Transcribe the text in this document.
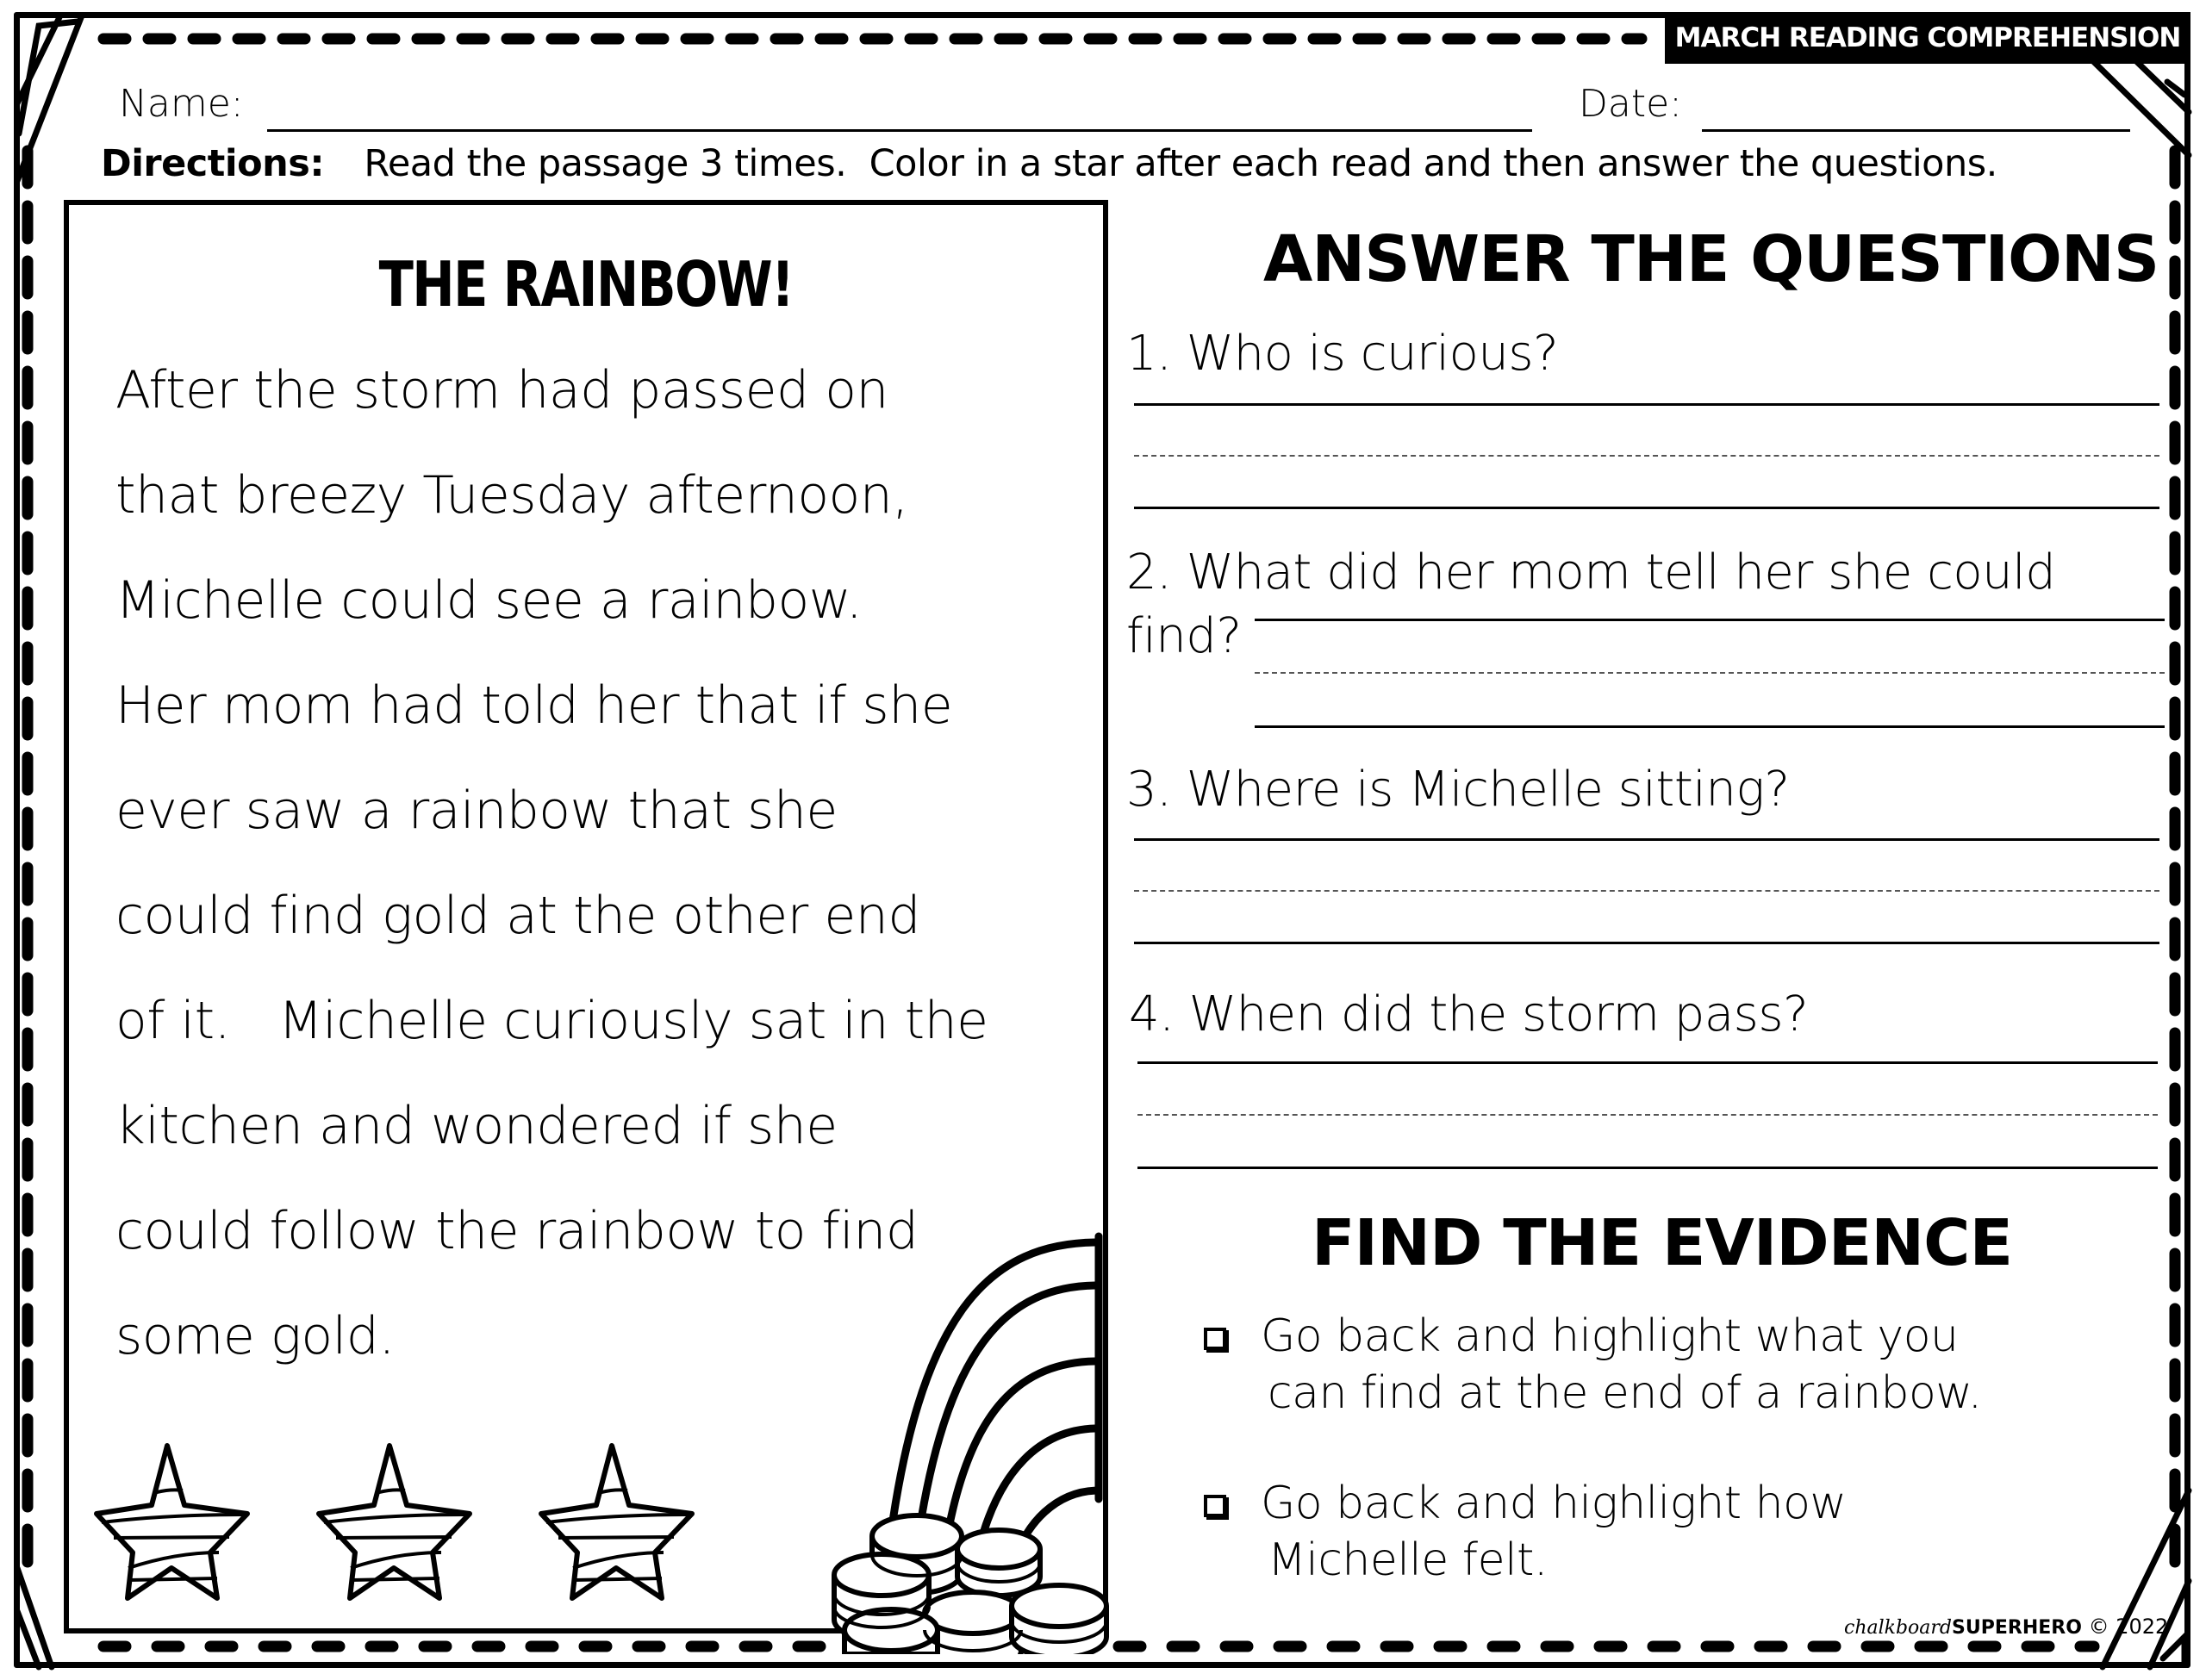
MARCH READING COMPREHENSION
Name:	Date:
Directions: Read the passage 3 times.  Color in a star after each read and then answer the questions.
THE RAINBOW!
After the storm had passed on
that breezy Tuesday afternoon,
Michelle could see a rainbow.
Her mom had told her that if she
ever saw a rainbow that she
could find gold at the other end
of it.   Michelle curiously sat in the
kitchen and wondered if she
could follow the rainbow to find
some gold.
ANSWER THE QUESTIONS
1. Who is curious?
2. What did her mom tell her she could
find?
3. Where is Michelle sitting?
4. When did the storm pass?
FIND THE EVIDENCE
Go back and highlight what you
can find at the end of a rainbow.
Go back and highlight how
Michelle felt.
chalkboardSUPERHERO © 2022
